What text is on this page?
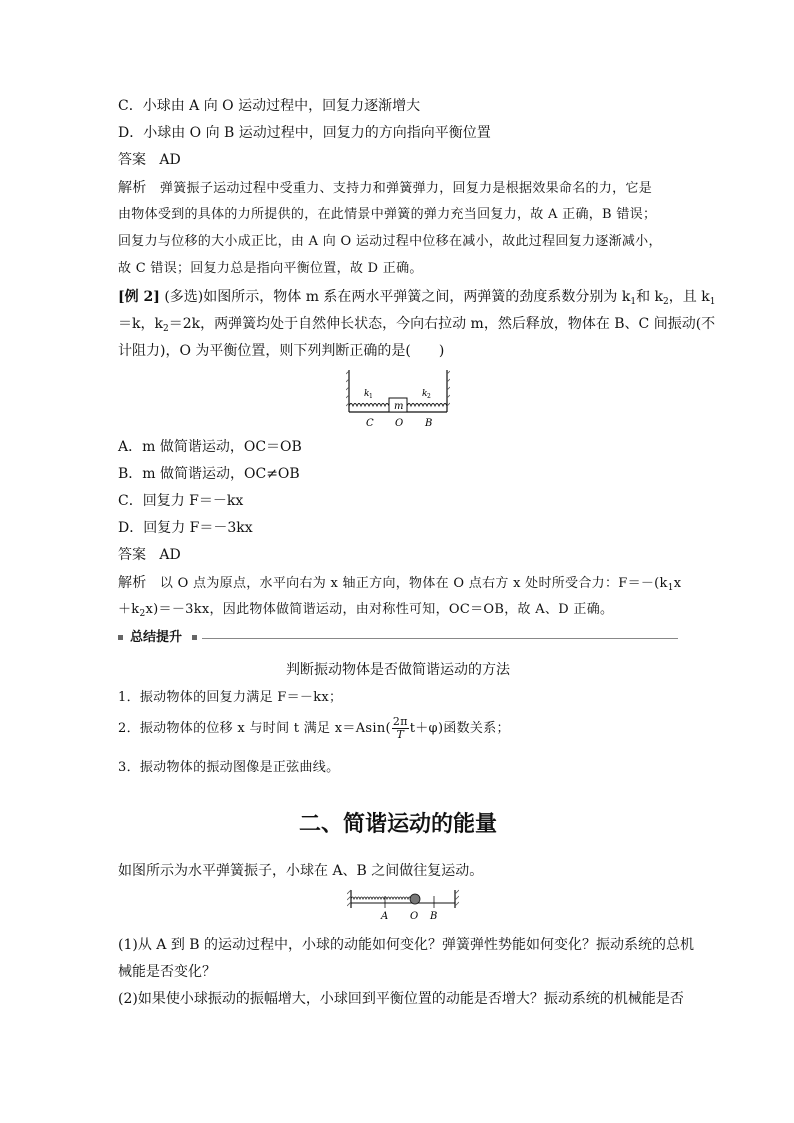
C．小球由 A 向 O 运动过程中，回复力逐渐增大
D．小球由 O 向 B 运动过程中，回复力的方向指向平衡位置
答案 AD
解析 弹簧振子运动过程中受重力、支持力和弹簧弹力，回复力是根据效果命名的力，它是
由物体受到的具体的力所提供的，在此情景中弹簧的弹力充当回复力，故 A 正确，B 错误；
回复力与位移的大小成正比，由 A 向 O 运动过程中位移在减小，故此过程回复力逐渐减小，
故 C 错误；回复力总是指向平衡位置，故 D 正确。
[例 2] (多选)如图所示，物体 m 系在两水平弹簧之间，两弹簧的劲度系数分别为 $k_1$和 $k_2$，且 $k_1$
＝k，$k_2=2k$，两弹簧均处于自然伸长状态，今向右拉动 m，然后释放，物体在 B、C 间振动(不
计阻力)，O 为平衡位置，则下列判断正确的是(　　)
k 1	k 2
m
C O B
A．m 做简谐运动，OC＝OB
B．m 做简谐运动，OC≠OB
C．回复力 F＝－kx
D．回复力 F＝－3kx
答案 AD
解析 以 O 点为原点，水平向右为 x 轴正方向，物体在 O 点右方 x 处时所受合力：$F=-(k_1x$
$+k_2x)=-3kx$，因此物体做简谐运动，由对称性可知，OC＝OB，故 A、D 正确。
总结提升
判断振动物体是否做简谐运动的方法
1．振动物体的回复力满足 F＝－kx；
2．振动物体的位移 x 与时间 t 满足 $x=Asin( \frac{2\pi}{T} t+\varphi)$函数关系；
3．振动物体的振动图像是正弦曲线。
二、简谐运动的能量
如图所示为水平弹簧振子，小球在 A、B 之间做往复运动。
A O B
(1)从 A 到 B 的运动过程中，小球的动能如何变化？弹簧弹性势能如何变化？振动系统的总机
械能是否变化？
(2)如果使小球振动的振幅增大，小球回到平衡位置的动能是否增大？振动系统的机械能是否
